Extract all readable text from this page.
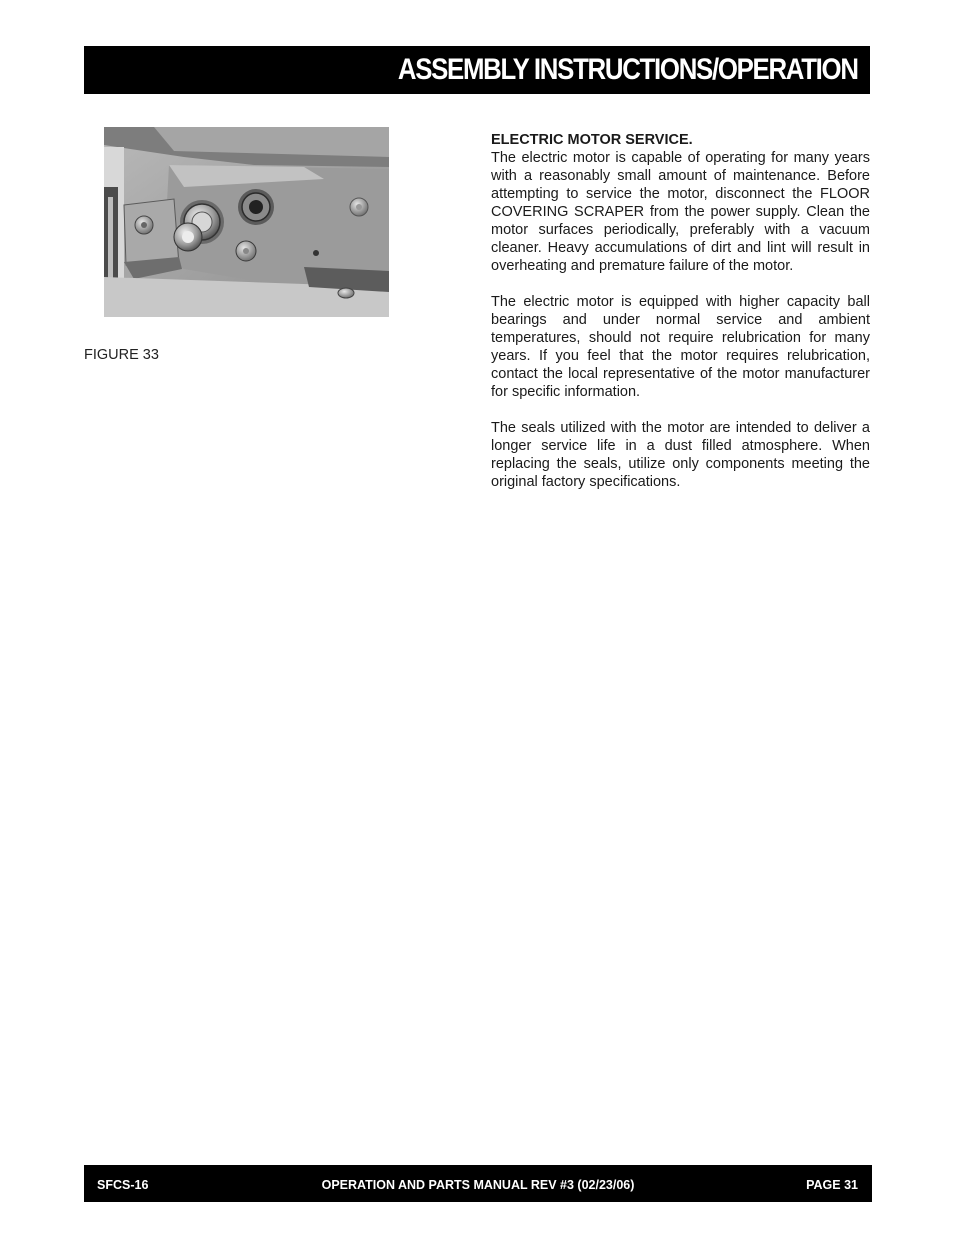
ASSEMBLY INSTRUCTIONS/OPERATION
FIGURE 33

ELECTRIC MOTOR SERVICE.

The electric motor is capable of operating for many years with a reasonably small amount of maintenance. Before attempting to service the motor, disconnect the FLOOR COVERING SCRAPER from the power supply. Clean the motor surfaces periodically, preferably with a vacuum cleaner. Heavy accumulations of dirt and lint will result in overheating and premature failure of the motor.

The electric motor is equipped with higher capacity ball bearings and under normal service and ambient temperatures, should not require relubrication for many years. If you feel that the motor requires relubrication, contact the local representative of the motor manufacturer for specific information.

The seals utilized with the motor are intended to deliver a longer service life in a dust filled atmosphere. When replacing the seals, utilize only components meeting the original factory specifications.

SFCS-16	OPERATION AND PARTS MANUAL REV #3 (02/23/06)	PAGE 31
